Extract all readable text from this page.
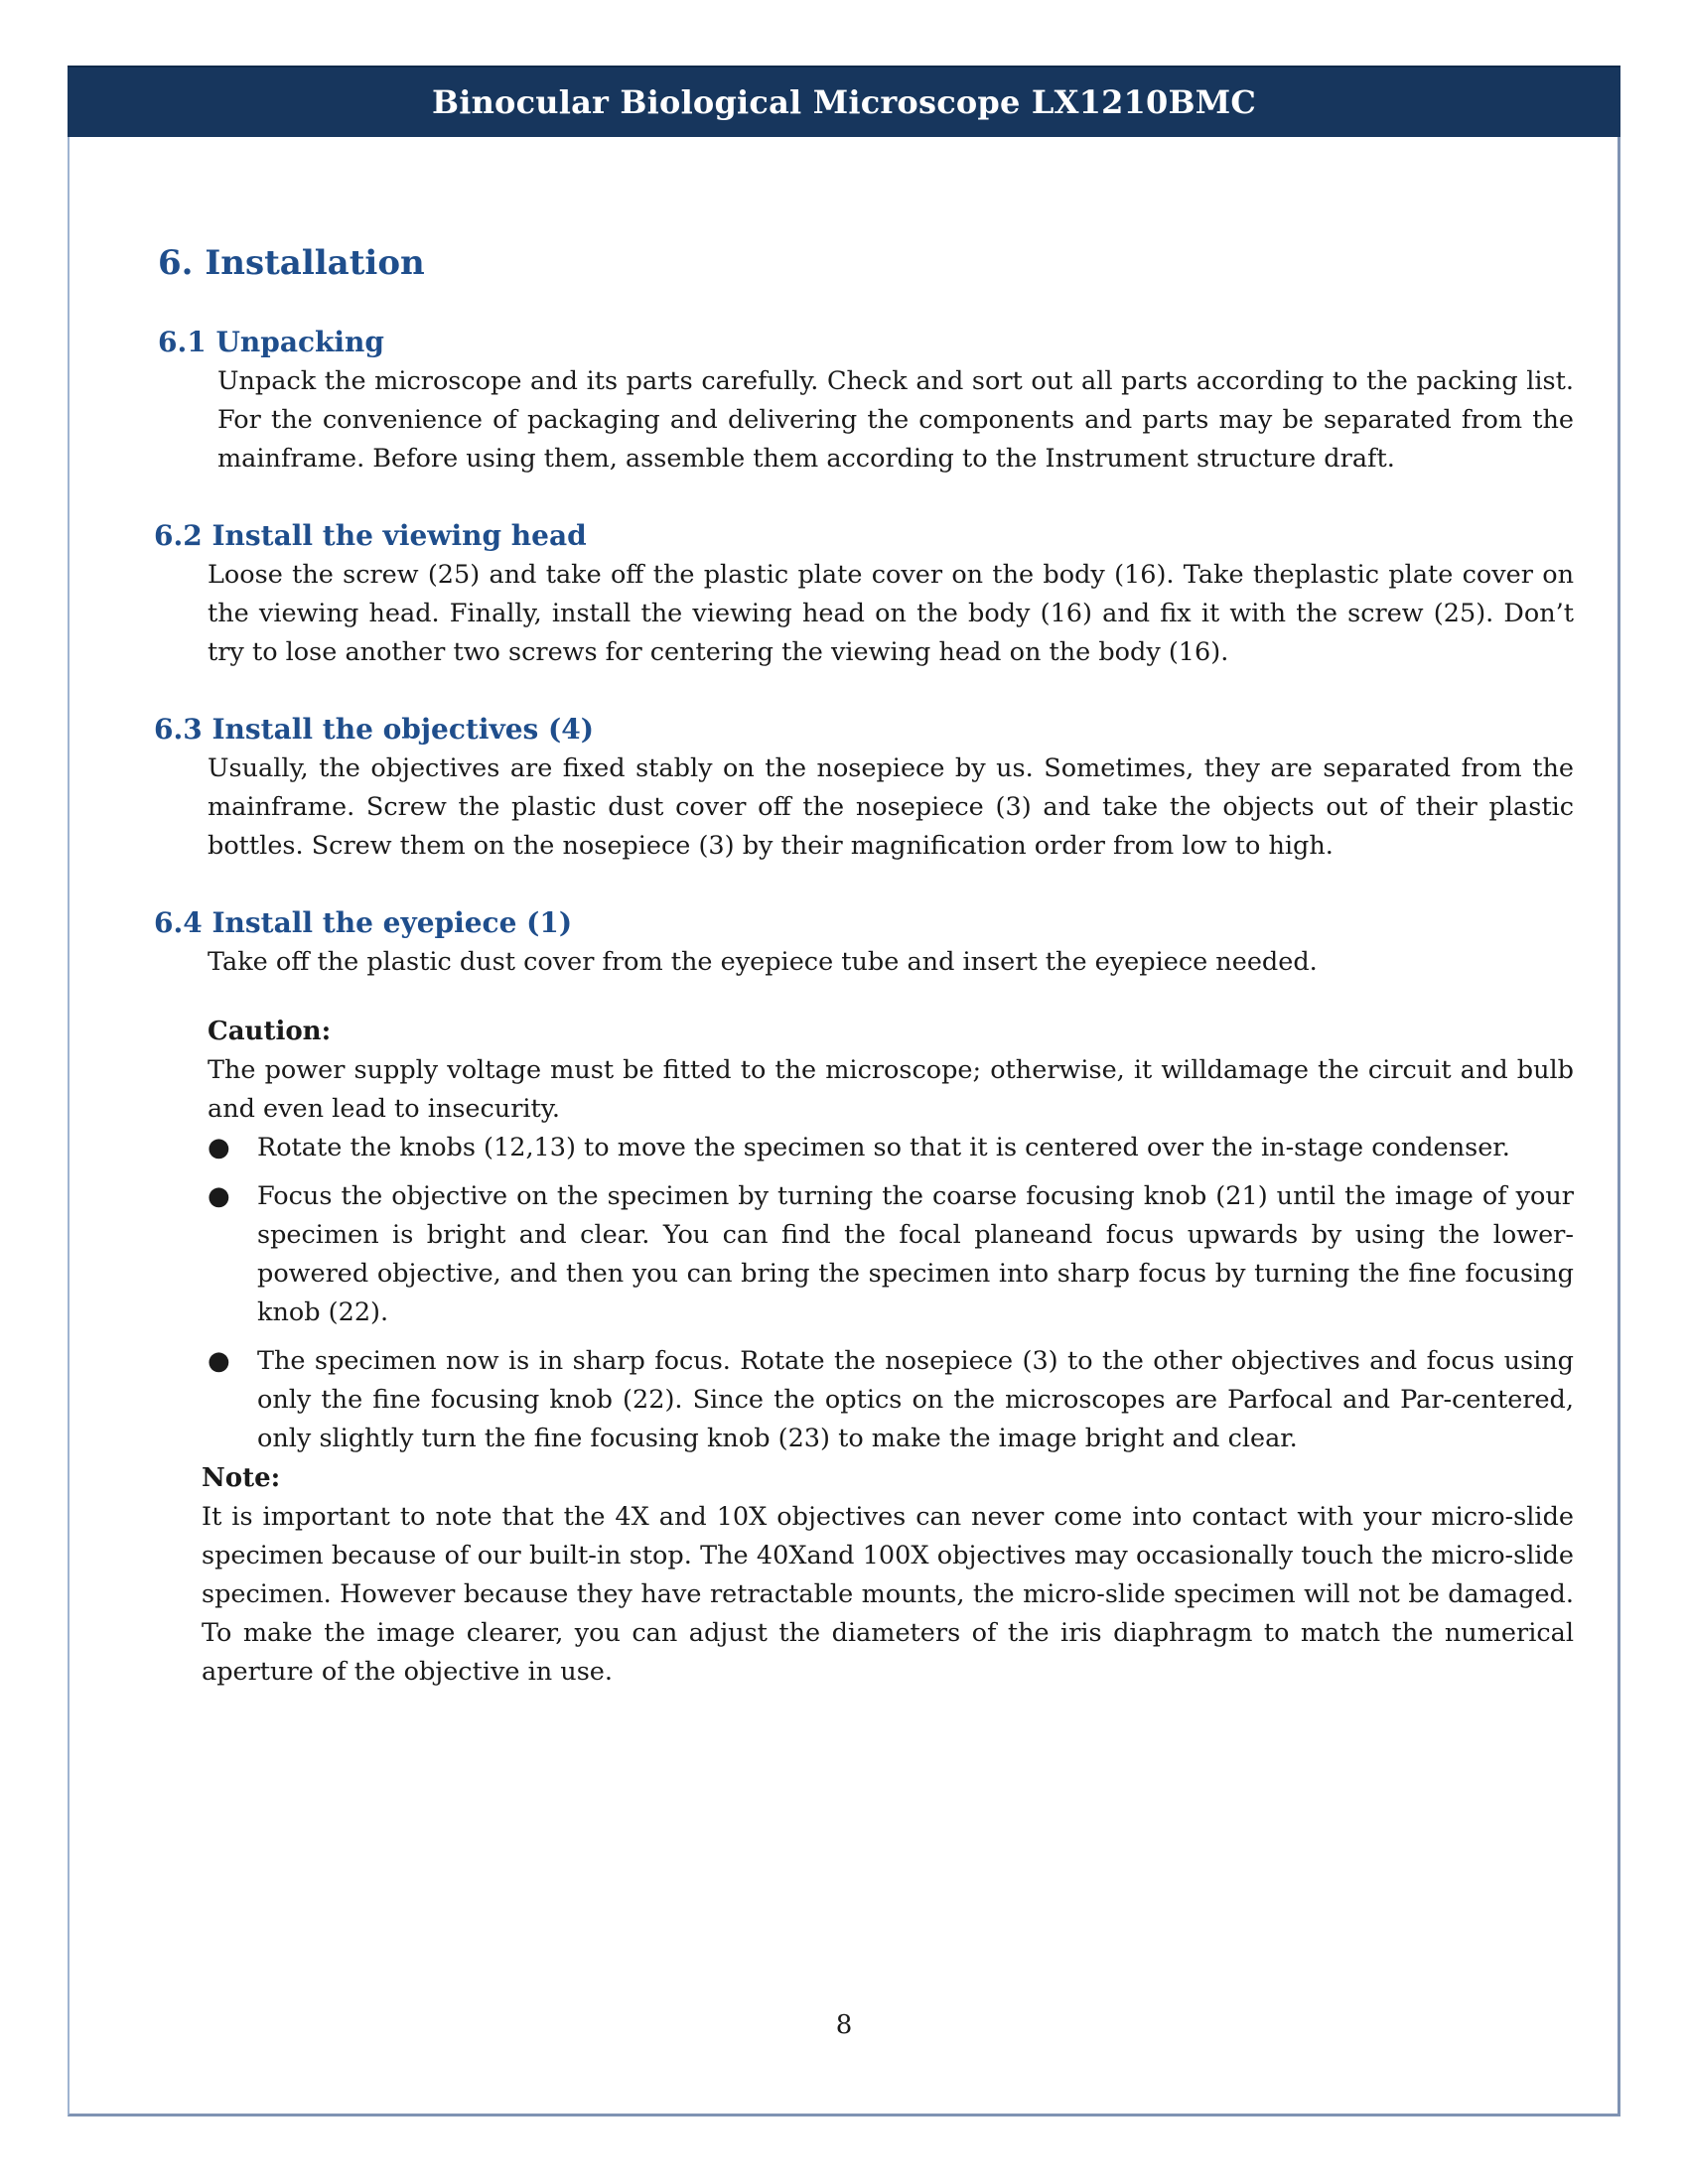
Binocular Biological Microscope LX1210BMC
6. Installation
6.1 Unpacking

Unpack the microscope and its parts carefully. Check and sort out all parts according to the packing list. For the convenience of packaging and delivering the components and parts may be separated from the mainframe. Before using them, assemble them according to the Instrument structure draft.

6.2 Install the viewing head

Loose the screw (25) and take off the plastic plate cover on the body (16). Take theplastic plate cover on the viewing head. Finally, install the viewing head on the body (16) and fix it with the screw (25). Don’t try to lose another two screws for centering the viewing head on the body (16).

6.3 Install the objectives (4)

Usually, the objectives are fixed stably on the nosepiece by us. Sometimes, they are separated from the mainframe. Screw the plastic dust cover off the nosepiece (3) and take the objects out of their plastic bottles. Screw them on the nosepiece (3) by their magnification order from low to high.

6.4 Install the eyepiece (1)

Take off the plastic dust cover from the eyepiece tube and insert the eyepiece needed.

Caution:

The power supply voltage must be fitted to the microscope; otherwise, it willdamage the circuit and bulb and even lead to insecurity.

● Rotate the knobs (12,13) to move the specimen so that it is centered over the in-stage condenser.

● Focus the objective on the specimen by turning the coarse focusing knob (21) until the image of your specimen is bright and clear. You can find the focal planeand focus upwards by using the lower-powered objective, and then you can bring the specimen into sharp focus by turning the fine focusing knob (22).

● The specimen now is in sharp focus. Rotate the nosepiece (3) to the other objectives and focus using only the fine focusing knob (22). Since the optics on the microscopes are Parfocal and Par-centered, only slightly turn the fine focusing knob (23) to make the image bright and clear.

Note:

It is important to note that the 4X and 10X objectives can never come into contact with your micro-slide specimen because of our built-in stop. The 40Xand 100X objectives may occasionally touch the micro-slide specimen. However because they have retractable mounts, the micro-slide specimen will not be damaged. To make the image clearer, you can adjust the diameters of the iris diaphragm to match the numerical aperture of the objective in use.

8
